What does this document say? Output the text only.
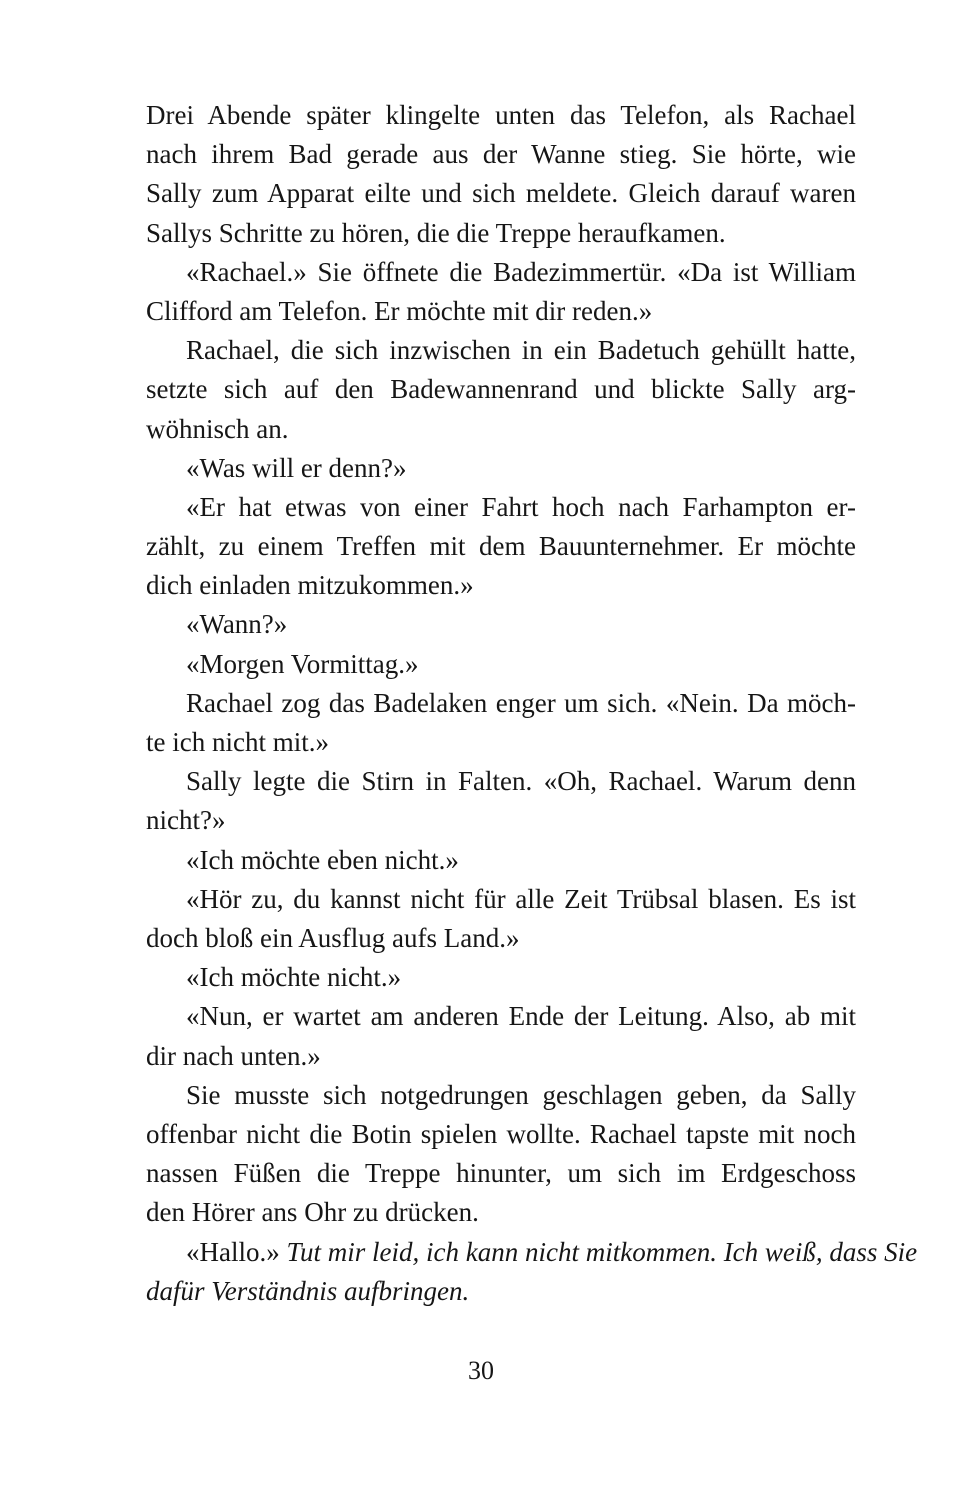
Drei Abende später klingelte unten das Telefon, als Rachael
nach ihrem Bad gerade aus der Wanne stieg. Sie hörte, wie
Sally zum Apparat eilte und sich meldete. Gleich darauf waren
Sallys Schritte zu hören, die die Treppe heraufkamen.
«Rachael.» Sie öffnete die Badezimmertür. «Da ist William
Clifford am Telefon. Er möchte mit dir reden.»
Rachael, die sich inzwischen in ein Badetuch gehüllt hatte,
setzte sich auf den Badewannenrand und blickte Sally arg-
wöhnisch an.
«Was will er denn?»
«Er hat etwas von einer Fahrt hoch nach Farhampton er-
zählt, zu einem Treffen mit dem Bauunternehmer. Er möchte
dich einladen mitzukommen.»
«Wann?»
«Morgen Vormittag.»
Rachael zog das Badelaken enger um sich. «Nein. Da möch-
te ich nicht mit.»
Sally legte die Stirn in Falten. «Oh, Rachael. Warum denn
nicht?»
«Ich möchte eben nicht.»
«Hör zu, du kannst nicht für alle Zeit Trübsal blasen. Es ist
doch bloß ein Ausflug aufs Land.»
«Ich möchte nicht.»
«Nun, er wartet am anderen Ende der Leitung. Also, ab mit
dir nach unten.»
Sie musste sich notgedrungen geschlagen geben, da Sally
offenbar nicht die Botin spielen wollte. Rachael tapste mit noch
nassen Füßen die Treppe hinunter, um sich im Erdgeschoss
den Hörer ans Ohr zu drücken.
«Hallo.» Tut mir leid, ich kann nicht mitkommen. Ich weiß, dass Sie
dafür Verständnis aufbringen.
30
